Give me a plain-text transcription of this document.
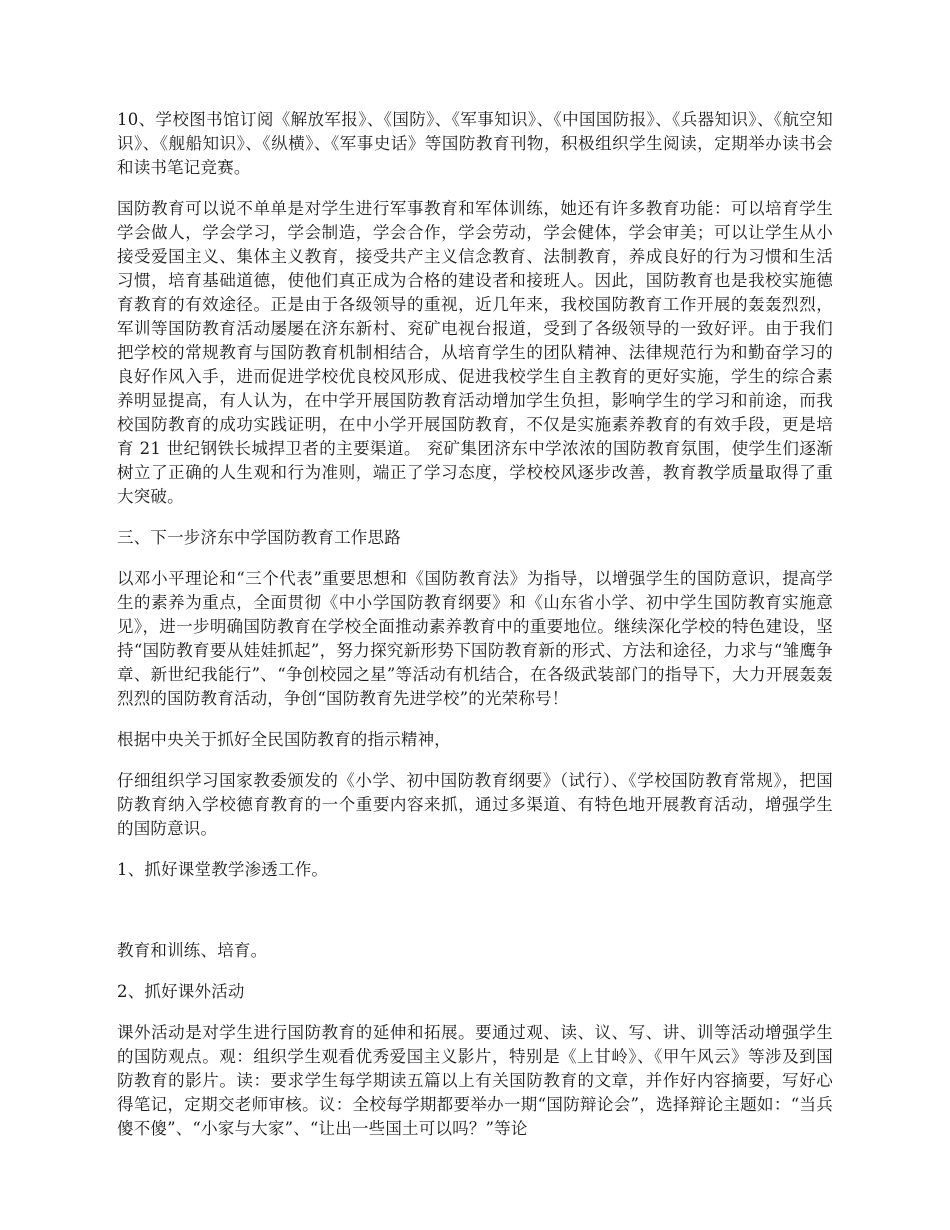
10、学校图书馆订阅《解放军报》、《国防》、《军事知识》、《中国国防报》、《兵器知识》、《航空知识》、《舰船知识》、《纵横》、《军事史话》等国防教育刊物，积极组织学生阅读，定期举办读书会和读书笔记竞赛。

国防教育可以说不单单是对学生进行军事教育和军体训练，她还有许多教育功能：可以培育学生学会做人，学会学习，学会制造，学会合作，学会劳动，学会健体，学会审美；可以让学生从小接受爱国主义、集体主义教育，接受共产主义信念教育、法制教育，养成良好的行为习惯和生活习惯，培育基础道德，使他们真正成为合格的建设者和接班人。因此，国防教育也是我校实施德育教育的有效途径。正是由于各级领导的重视，近几年来，我校国防教育工作开展的轰轰烈烈，军训等国防教育活动屡屡在济东新村、兖矿电视台报道，受到了各级领导的一致好评。由于我们把学校的常规教育与国防教育机制相结合，从培育学生的团队精神、法律规范行为和勤奋学习的良好作风入手，进而促进学校优良校风形成、促进我校学生自主教育的更好实施，学生的综合素养明显提高，有人认为，在中学开展国防教育活动增加学生负担，影响学生的学习和前途，而我校国防教育的成功实践证明，在中小学开展国防教育，不仅是实施素养教育的有效手段，更是培育 21 世纪钢铁长城捍卫者的主要渠道。 兖矿集团济东中学浓浓的国防教育氛围，使学生们逐渐树立了正确的人生观和行为准则，端正了学习态度，学校校风逐步改善，教育教学质量取得了重大突破。

三、下一步济东中学国防教育工作思路

以邓小平理论和“三个代表”重要思想和《国防教育法》为指导，以增强学生的国防意识，提高学生的素养为重点，全面贯彻《中小学国防教育纲要》和《山东省小学、初中学生国防教育实施意见》，进一步明确国防教育在学校全面推动素养教育中的重要地位。继续深化学校的特色建设，坚持“国防教育要从娃娃抓起”，努力探究新形势下国防教育新的形式、方法和途径，力求与“雏鹰争章、新世纪我能行”、“争创校园之星”等活动有机结合，在各级武装部门的指导下，大力开展轰轰烈烈的国防教育活动，争创“国防教育先进学校”的光荣称号！

根据中央关于抓好全民国防教育的指示精神，

仔细组织学习国家教委颁发的《小学、初中国防教育纲要》（试行）、《学校国防教育常规》，把国防教育纳入学校德育教育的一个重要内容来抓，通过多渠道、有特色地开展教育活动，增强学生的国防意识。

1、抓好课堂教学渗透工作。

教育和训练、培育。

2、抓好课外活动

课外活动是对学生进行国防教育的延伸和拓展。要通过观、读、议、写、讲、训等活动增强学生的国防观点。观：组织学生观看优秀爱国主义影片，特别是《上甘岭》、《甲午风云》等涉及到国防教育的影片。读：要求学生每学期读五篇以上有关国防教育的文章，并作好内容摘要，写好心得笔记，定期交老师审核。议：全校每学期都要举办一期“国防辩论会”，选择辩论主题如：“当兵傻不傻”、“小家与大家”、“让出一些国土可以吗？”等论
